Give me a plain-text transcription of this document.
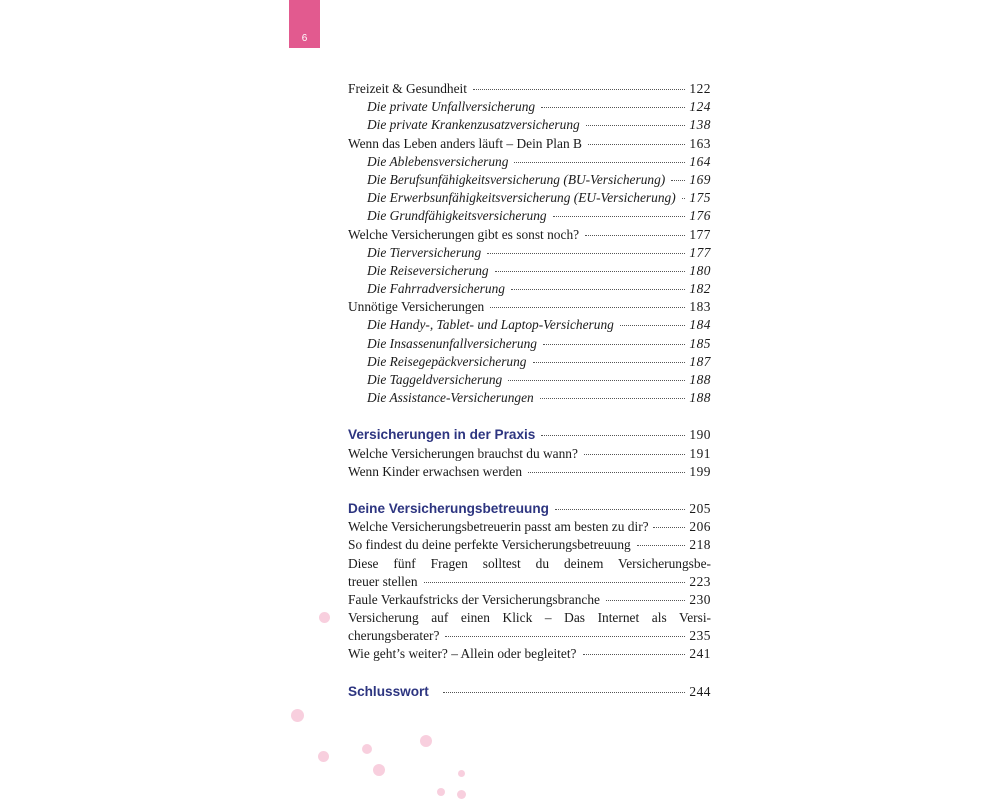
6
Freizeit & Gesundheit	122
Die private Unfallversicherung	124
Die private Krankenzusatzversicherung	138
Wenn das Leben anders läuft – Dein Plan B	163
Die Ablebensversicherung	164
Die Berufsunfähigkeitsversicherung (BU-Versicherung) 169
Die Erwerbsunfähigkeitsversicherung (EU-Versicherung) 175
Die Grundfähigkeitsversicherung	176
Welche Versicherungen gibt es sonst noch?	177
Die Tierversicherung	177
Die Reiseversicherung	180
Die Fahrradversicherung	182
Unnötige Versicherungen	183
Die Handy-, Tablet- und Laptop-Versicherung	184
Die Insassenunfallversicherung	185
Die Reisegepäckversicherung	187
Die Taggeldversicherung	188
Die Assistance-Versicherungen	188
Versicherungen in der Praxis	190
Welche Versicherungen brauchst du wann?	191
Wenn Kinder erwachsen werden	199
Deine Versicherungsbetreuung	205
Welche Versicherungsbetreuerin passt am besten zu dir?	206
So findest du deine perfekte Versicherungsbetreuung	218
Diese fünf Fragen solltest du deinem Versicherungsbe-
treuer stellen	223
Faule Verkaufstricks der Versicherungsbranche	230
Versicherung auf einen Klick – Das Internet als Versi-
cherungsberater?	235
Wie geht’s weiter? – Allein oder begleitet?	241
Schlusswort	244
